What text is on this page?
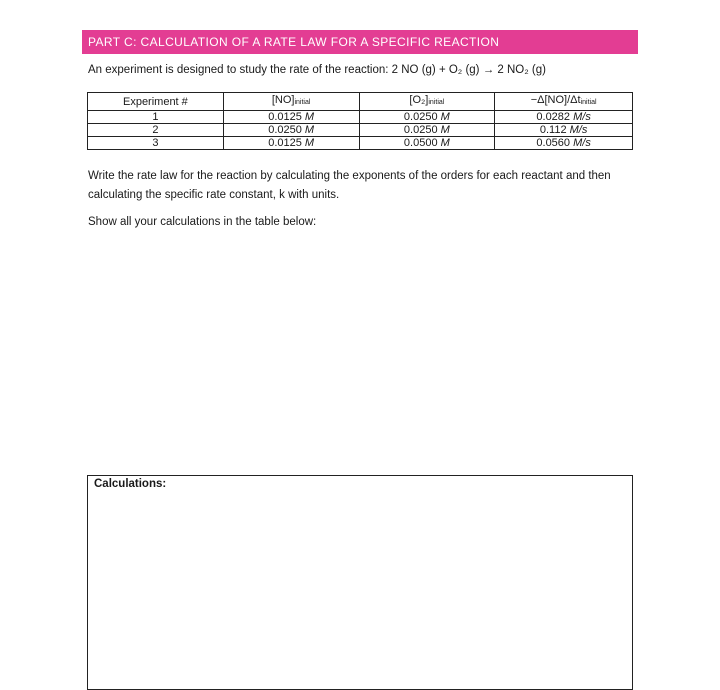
PART C: CALCULATION OF A RATE LAW FOR A SPECIFIC REACTION
An experiment is designed to study the rate of the reaction: 2 NO (g) + O₂ (g) → 2 NO₂ (g)
Experiment #	$[NO]_{initial}$	$[O_2]_{initial}$	$-\Delta[NO]/\Delta t_{initial}$
1	0.0125 M	0.0250 M	0.0282 M/s
2	0.0250 M	0.0250 M	0.112 M/s
3	0.0125 M	0.0500 M	0.0560 M/s
Write the rate law for the reaction by calculating the exponents of the orders for each reactant and then calculating the specific rate constant, k with units.
Show all your calculations in the table below:
Calculations:
